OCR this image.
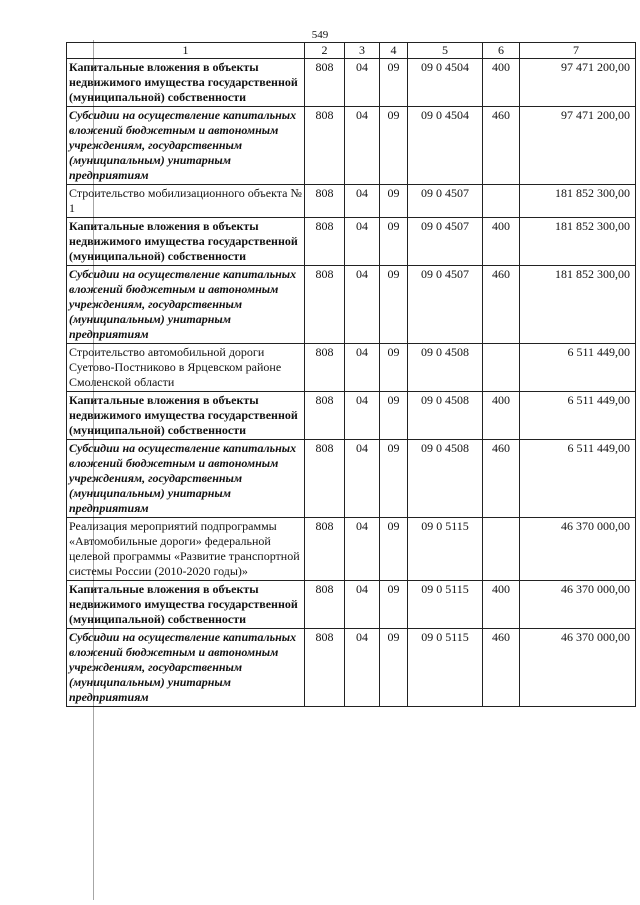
549
1	2	3	4	5	6	7
Капитальные вложения в объекты недвижимого имущества государственной (муниципальной) собственности	808	04	09	09 0 4504	400	97 471 200,00
Субсидии на осуществление капитальных вложений бюджетным и автономным учреждениям, государственным (муниципальным) унитарным предприятиям	808	04	09	09 0 4504	460	97 471 200,00
Строительство мобилизационного объекта № 1	808	04	09	09 0 4507		181 852 300,00
Капитальные вложения в объекты недвижимого имущества государственной (муниципальной) собственности	808	04	09	09 0 4507	400	181 852 300,00
Субсидии на осуществление капитальных вложений бюджетным и автономным учреждениям, государственным (муниципальным) унитарным предприятиям	808	04	09	09 0 4507	460	181 852 300,00
Строительство автомобильной дороги Суетово-Постниково в Ярцевском районе Смоленской области	808	04	09	09 0 4508		6 511 449,00
Капитальные вложения в объекты недвижимого имущества государственной (муниципальной) собственности	808	04	09	09 0 4508	400	6 511 449,00
Субсидии на осуществление капитальных вложений бюджетным и автономным учреждениям, государственным (муниципальным) унитарным предприятиям	808	04	09	09 0 4508	460	6 511 449,00
Реализация мероприятий подпрограммы «Автомобильные дороги» федеральной целевой программы «Развитие транспортной системы России (2010-2020 годы)»	808	04	09	09 0 5115		46 370 000,00
Капитальные вложения в объекты недвижимого имущества государственной (муниципальной) собственности	808	04	09	09 0 5115	400	46 370 000,00
Субсидии на осуществление капитальных вложений бюджетным и автономным учреждениям, государственным (муниципальным) унитарным предприятиям	808	04	09	09 0 5115	460	46 370 000,00
